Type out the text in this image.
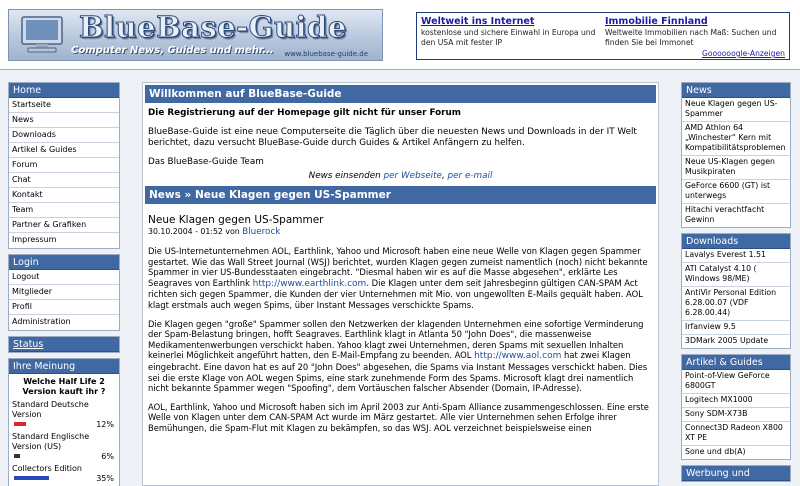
BlueBase-Guide
Computer News, Guides und mehr... www.bluebase-guide.de
Weltweit ins Internet

kostenlose und sichere Einwahl in Europa und den USA mit fester IP

Immobilie Finnland

Weltweite Immobilien nach Maß: Suchen und finden Sie bei Immonet

Goooooogle-Anzeigen
Home
Startseite
News
Downloads
Artikel & Guides
Forum
Chat
Kontakt
Team
Partner & Grafiken
Impressum
Login
Logout
Mitglieder
Profil
Administration
Status
Ihre Meinung
Welche Half Life 2 Version kauft ihr ?
Standard Deutsche Version
12%
Standard Englische Version (US)
6%
Collectors Edition
35%
Willkommen auf BlueBase-Guide
Die Registrierung auf der Homepage gilt nicht für unser Forum

BlueBase-Guide ist eine neue Computerseite die Täglich über die neuesten News und Downloads in der IT Welt berichtet, dazu versucht BlueBase-Guide durch Guides & Artikel Anfängern zu helfen.

Das BlueBase-Guide Team

News einsenden per Webseite, per e-mail
News » Neue Klagen gegen US-Spammer
Neue Klagen gegen US-Spammer
30.10.2004 - 01:52 von Bluerock

Die US-Internetunternehmen AOL, Earthlink, Yahoo und Microsoft haben eine neue Welle von Klagen gegen Spammer gestartet. Wie das Wall Street Journal (WSJ) berichtet, wurden Klagen gegen zumeist namentlich (noch) nicht bekannte Spammer in vier US-Bundesstaaten eingebracht. "Diesmal haben wir es auf die Masse abgesehen", erklärte Les Seagraves von Earthlink http://www.earthlink.com. Die Klagen unter dem seit Jahresbeginn gültigen CAN-SPAM Act richten sich gegen Spammer, die Kunden der vier Unternehmen mit Mio. von ungewollten E-Mails gequält haben. AOL klagt erstmals auch wegen Spims, über Instant Messages verschickte Spams.

Die Klagen gegen "große" Spammer sollen den Netzwerken der klagenden Unternehmen eine sofortige Verminderung der Spam-Belastung bringen, hofft Seagraves. Earthlink klagt in Atlanta 50 "John Does", die massenweise Medikamentenwerbungen verschickt haben. Yahoo klagt zwei Unternehmen, deren Spams mit sexuellen Inhalten keinerlei Möglichkeit angeführt hatten, den E-Mail-Empfang zu beenden. AOL http://www.aol.com hat zwei Klagen eingebracht. Eine davon hat es auf 20 "John Does" abgesehen, die Spams via Instant Messages verschickt haben. Dies sei die erste Klage von AOL wegen Spims, eine stark zunehmende Form des Spams. Microsoft klagt drei namentlich nicht bekannte Spammer wegen "Spoofing", dem Vortäuschen falscher Absender (Domain, IP-Adresse).

AOL, Earthlink, Yahoo und Microsoft haben sich im April 2003 zur Anti-Spam Alliance zusammengeschlossen. Eine erste Welle von Klagen unter dem CAN-SPAM Act wurde im März gestartet. Alle vier Unternehmen sehen Erfolge ihrer Bemühungen, die Spam-Flut mit Klagen zu bekämpfen, so das WSJ. AOL verzeichnet beispielsweise einen

News
Neue Klagen gegen US-Spammer
AMD Athlon 64 „Winchester“ Kern mit Kompatibilitätsproblemen
Neue US-Klagen gegen Musikpiraten
GeForce 6600 (GT) ist unterwegs
Hitachi verachtfacht Gewinn
Downloads
Lavalys Everest 1.51
ATI Catalyst 4.10 ( Windows 98/ME)
AntiVir Personal Edition 6.28.00.07 (VDF 6.28.00.44)
Irfanview 9.5
3DMark 2005 Update
Artikel & Guides
Point-of-View GeForce 6800GT
Logitech MX1000
Sony SDM-X73B
Connect3D Radeon X800 XT PE
Sone und db(A)
Werbung und
